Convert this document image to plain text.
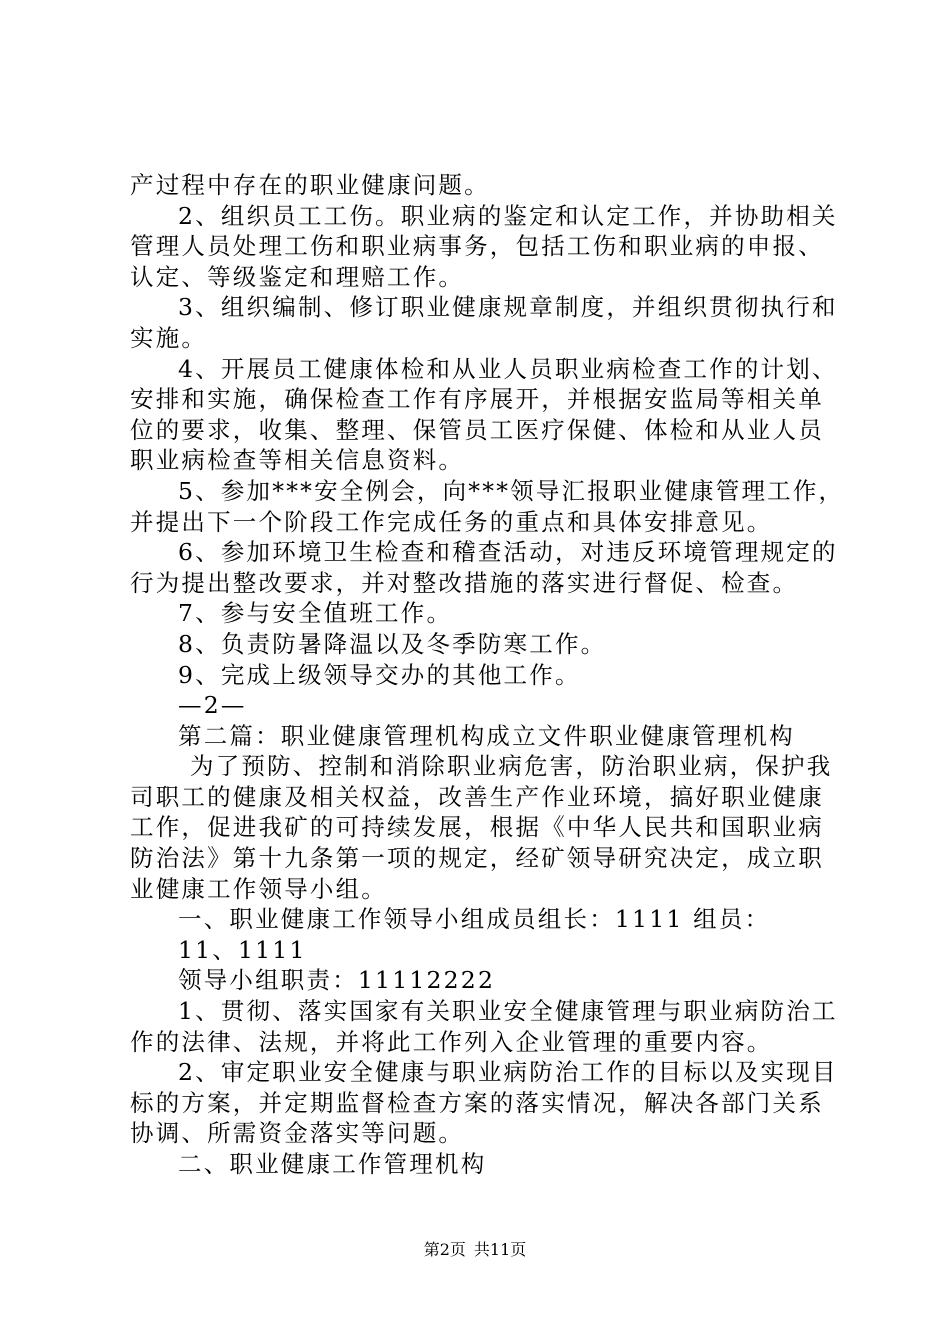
产过程中存在的职业健康问题。
2、组织员工工伤。职业病的鉴定和认定工作，并协助相关
管理人员处理工伤和职业病事务，包括工伤和职业病的申报、
认定、等级鉴定和理赔工作。
3、组织编制、修订职业健康规章制度，并组织贯彻执行和
实施。
4、开展员工健康体检和从业人员职业病检查工作的计划、
安排和实施，确保检查工作有序展开，并根据安监局等相关单
位的要求，收集、整理、保管员工医疗保健、体检和从业人员
职业病检查等相关信息资料。
5、参加***安全例会，向***领导汇报职业健康管理工作，
并提出下一个阶段工作完成任务的重点和具体安排意见。
6、参加环境卫生检查和稽查活动，对违反环境管理规定的
行为提出整改要求，并对整改措施的落实进行督促、检查。
7、参与安全值班工作。
8、负责防暑降温以及冬季防寒工作。
9、完成上级领导交办的其他工作。
—2—
第二篇：职业健康管理机构成立文件职业健康管理机构
为了预防、控制和消除职业病危害，防治职业病，保护我
司职工的健康及相关权益，改善生产作业环境，搞好职业健康
工作，促进我矿的可持续发展，根据《中华人民共和国职业病
防治法》第十九条第一项的规定，经矿领导研究决定，成立职
业健康工作领导小组。
一、职业健康工作领导小组成员组长：1111 组员：
11、1111
领导小组职责：11112222
1、贯彻、落实国家有关职业安全健康管理与职业病防治工
作的法律、法规，并将此工作列入企业管理的重要内容。
2、审定职业安全健康与职业病防治工作的目标以及实现目
标的方案，并定期监督检查方案的落实情况，解决各部门关系
协调、所需资金落实等问题。
二、职业健康工作管理机构
第2页 共11页
